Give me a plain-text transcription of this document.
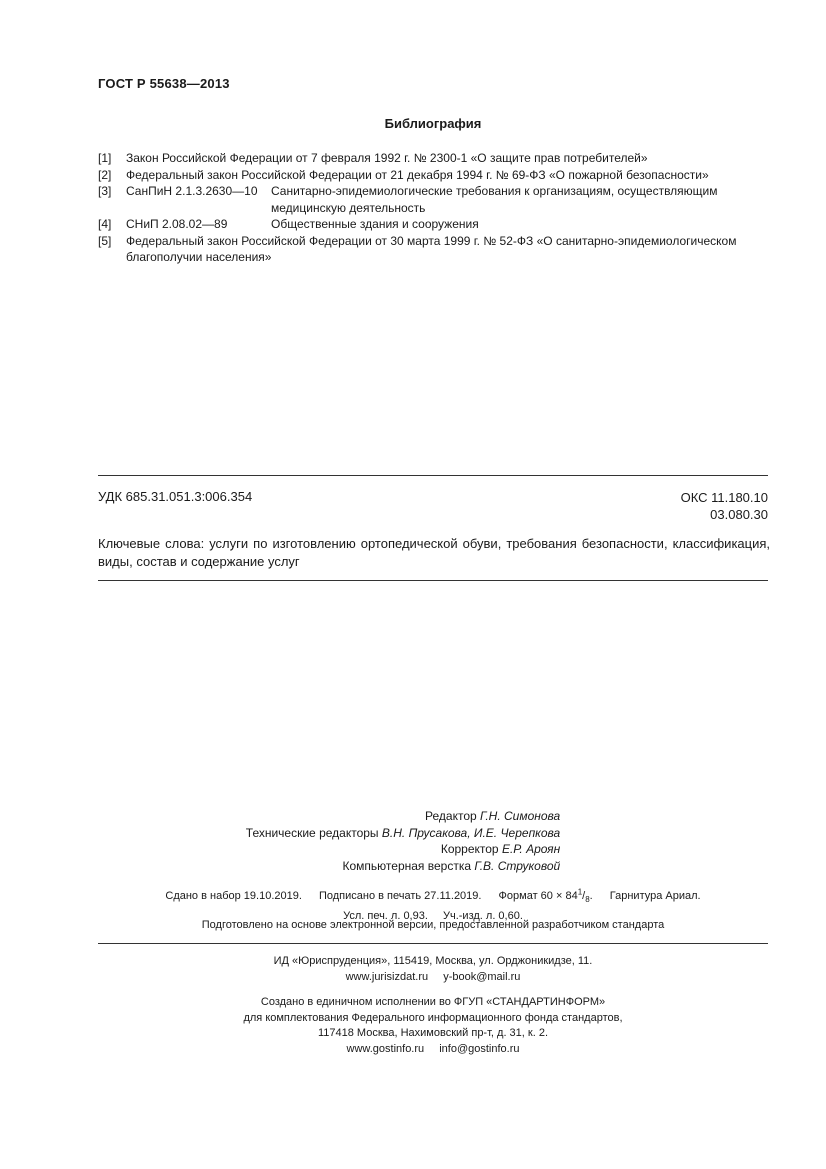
ГОСТ Р 55638—2013
Библиография
[1]	Закон Российской Федерации от 7 февраля 1992 г. № 2300-1 «О защите прав потребителей»
[2]	Федеральный закон Российской Федерации от 21 декабря 1994 г. № 69-ФЗ «О пожарной безопасности»
[3]	СанПиН 2.1.3.2630—10	Санитарно-эпидемиологические требования к организациям, осуществляющим медицинскую деятельность
[4]	СНиП 2.08.02—89	Общественные здания и сооружения
[5]	Федеральный закон Российской Федерации от 30 марта 1999 г. № 52-ФЗ «О санитарно-эпидемиологическом благополучии населения»
УДК 685.31.051.3:006.354	ОКС 11.180.10
03.080.30
Ключевые слова: услуги по изготовлению ортопедической обуви, требования безопасности, классификация, виды, состав и содержание услуг
Редактор Г.Н. Симонова
Технические редакторы В.Н. Прусакова, И.Е. Черепкова
Корректор Е.Р. Ароян
Компьютерная верстка Г.В. Струковой
Сдано в набор 19.10.2019. Подписано в печать 27.11.2019. Формат $60 \times 84^1/_8$. Гарнитура Ариал.
Усл. печ. л. 0,93. Уч.-изд. л. 0,60.
Подготовлено на основе электронной версии, предоставленной разработчиком стандарта
ИД «Юриспруденция», 115419, Москва, ул. Орджоникидзе, 11.
www.jurisizdat.ru y-book@mail.ru
Создано в единичном исполнении во ФГУП «СТАНДАРТИНФОРМ»
для комплектования Федерального информационного фонда стандартов,
117418 Москва, Нахимовский пр-т, д. 31, к. 2.
www.gostinfo.ru info@gostinfo.ru
